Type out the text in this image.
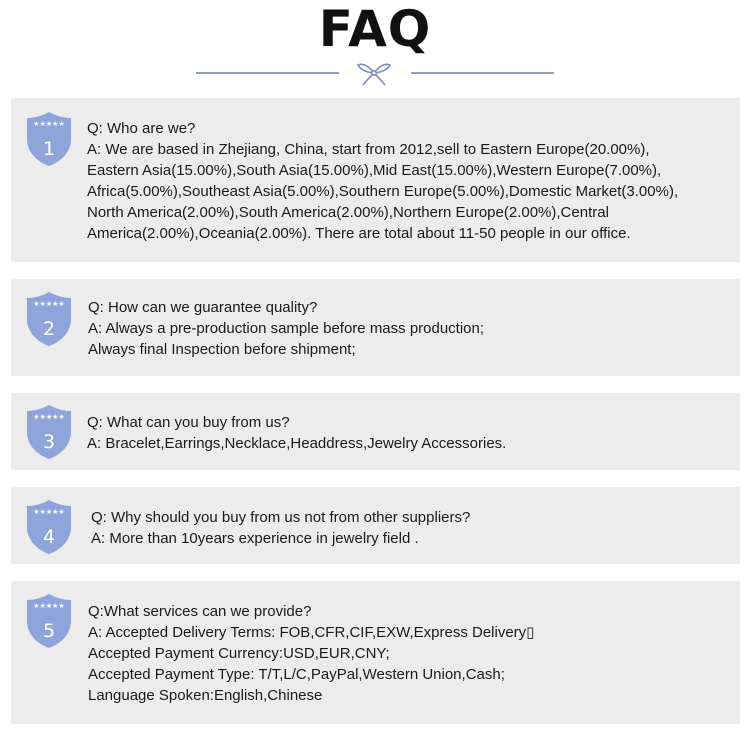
FAQ
★★★★★
1
Q: Who are we?
A: We are based in Zhejiang, China, start from 2012,sell to Eastern Europe(20.00%),
Eastern Asia(15.00%),South Asia(15.00%),Mid East(15.00%),Western Europe(7.00%),
Africa(5.00%),Southeast Asia(5.00%),Southern Europe(5.00%),Domestic Market(3.00%),
North America(2.00%),South America(2.00%),Northern Europe(2.00%),Central
America(2.00%),Oceania(2.00%). There are total about 11-50 people in our office.
★★★★★
2
Q: How can we guarantee quality?
A: Always a pre-production sample before mass production;
Always final Inspection before shipment;
★★★★★
3
Q: What can you buy from us?
A: Bracelet,Earrings,Necklace,Headdress,Jewelry Accessories.
★★★★★
4
Q: Why should you buy from us not from other suppliers?
A: More than 10years experience in jewelry field .
★★★★★
5
Q:What services can we provide?
A: Accepted Delivery Terms: FOB,CFR,CIF,EXW,Express Delivery▯
Accepted Payment Currency:USD,EUR,CNY;
Accepted Payment Type: T/T,L/C,PayPal,Western Union,Cash;
Language Spoken:English,Chinese
